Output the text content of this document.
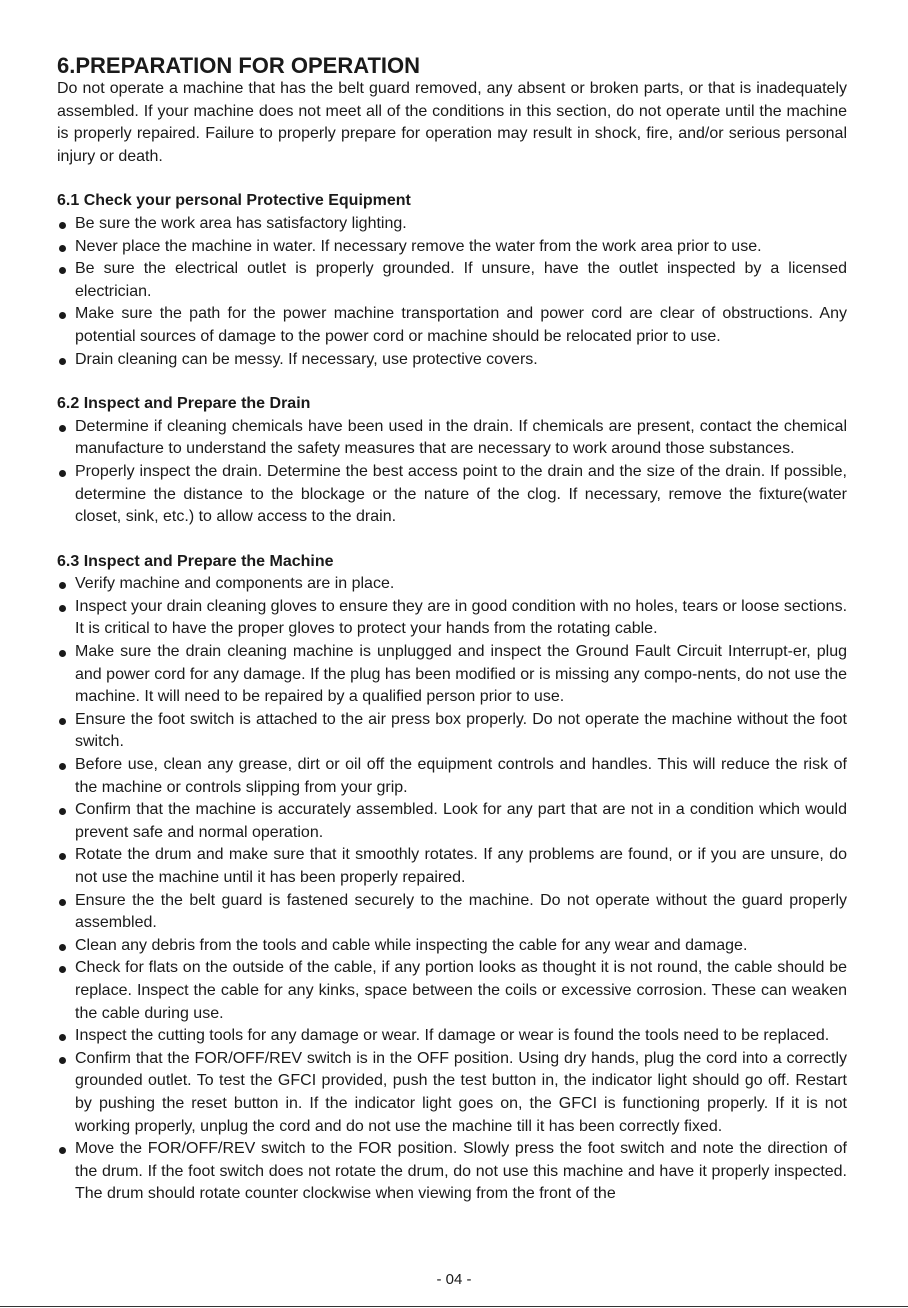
6.PREPARATION FOR OPERATION

Do not operate a machine that has the belt guard removed, any absent or broken parts, or that is inadequately assembled. If your machine does not meet all of the conditions in this section, do not operate until the machine is properly repaired. Failure to properly prepare for operation may result in shock, fire, and/or serious personal injury or death.

6.1 Check your personal Protective Equipment
Be sure the work area has satisfactory lighting.
Never place the machine in water. If necessary remove the water from the work area prior to use.
Be sure the electrical outlet is properly grounded. If unsure, have the outlet inspected by a licensed electrician.
Make sure the path for the power machine transportation and power cord are clear of obstructions. Any potential sources of damage to the power cord or machine should be relocated prior to use.
Drain cleaning can be messy. If necessary, use protective covers.
6.2 Inspect and Prepare the Drain
Determine if cleaning chemicals have been used in the drain. If chemicals are present, contact the chemical manufacture to understand the safety measures that are necessary to work around those substances.
Properly inspect the drain. Determine the best access point to the drain and the size of the drain. If possible, determine the distance to the blockage or the nature of the clog. If necessary, remove the fixture(water closet, sink, etc.) to allow access to the drain.
6.3 Inspect and Prepare the Machine
Verify machine and components are in place.
Inspect your drain cleaning gloves to ensure they are in good condition with no holes, tears or loose sections. It is critical to have the proper gloves to protect your hands from the rotating cable.
Make sure the drain cleaning machine is unplugged and inspect the Ground Fault Circuit Interrupt-er, plug and power cord for any damage. If the plug has been modified or is missing any compo-nents, do not use the machine. It will need to be repaired by a qualified person prior to use.
Ensure the foot switch is attached to the air press box properly. Do not operate the machine without the foot switch.
Before use, clean any grease, dirt or oil off the equipment controls and handles. This will reduce the risk of the machine or controls slipping from your grip.
Confirm that the machine is accurately assembled. Look for any part that are not in a condition which would prevent safe and normal operation.
Rotate the drum and make sure that it smoothly rotates. If any problems are found, or if you are unsure, do not use the machine until it has been properly repaired.
Ensure the the belt guard is fastened securely to the machine. Do not operate without the guard properly assembled.
Clean any debris from the tools and cable while inspecting the cable for any wear and damage.
Check for flats on the outside of the cable, if any portion looks as thought it is not round, the cable should be replace. Inspect the cable for any kinks, space between the coils or excessive corrosion. These can weaken the cable during use.
Inspect the cutting tools for any damage or wear. If damage or wear is found the tools need to be replaced.
Confirm that the FOR/OFF/REV switch is in the OFF position. Using dry hands, plug the cord into a correctly grounded outlet. To test the GFCI provided, push the test button in, the indicator light should go off. Restart by pushing the reset button in. If the indicator light goes on, the GFCI is functioning properly. If it is not working properly, unplug the cord and do not use the machine till it has been correctly fixed.
Move the FOR/OFF/REV switch to the FOR position. Slowly press the foot switch and note the direction of the drum. If the foot switch does not rotate the drum, do not use this machine and have it properly inspected. The drum should rotate counter clockwise when viewing from the front of the
- 04 -
